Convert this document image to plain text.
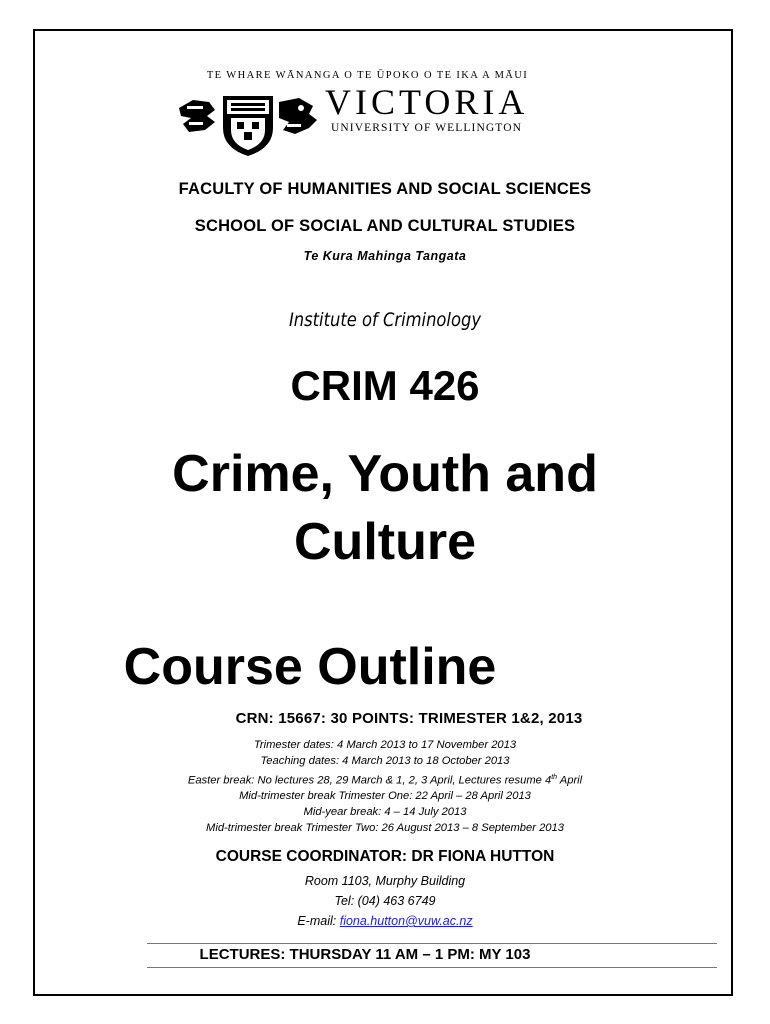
TE WHARE WĀNANGA O TE ŪPOKO O TE IKA A MĀUI
VICTORIA
UNIVERSITY OF WELLINGTON
FACULTY OF HUMANITIES AND SOCIAL SCIENCES
SCHOOL OF SOCIAL AND CULTURAL STUDIES
Te Kura Mahinga Tangata
Institute of Criminology
CRIM 426
Crime, Youth and
Culture
Course Outline
CRN: 15667: 30 POINTS: TRIMESTER 1&2, 2013
Trimester dates: 4 March 2013 to 17 November 2013
Teaching dates: 4 March 2013 to 18 October 2013
Easter break: No lectures 28, 29 March & 1, 2, 3 April, Lectures resume 4th April
Mid-trimester break Trimester One: 22 April – 28 April 2013
Mid-year break: 4 – 14 July 2013
Mid-trimester break Trimester Two: 26 August 2013 – 8 September 2013
COURSE COORDINATOR: DR FIONA HUTTON
Room 1103, Murphy Building
Tel: (04) 463 6749
E-mail: fiona.hutton@vuw.ac.nz
LECTURES: THURSDAY 11 AM – 1 PM: MY 103
